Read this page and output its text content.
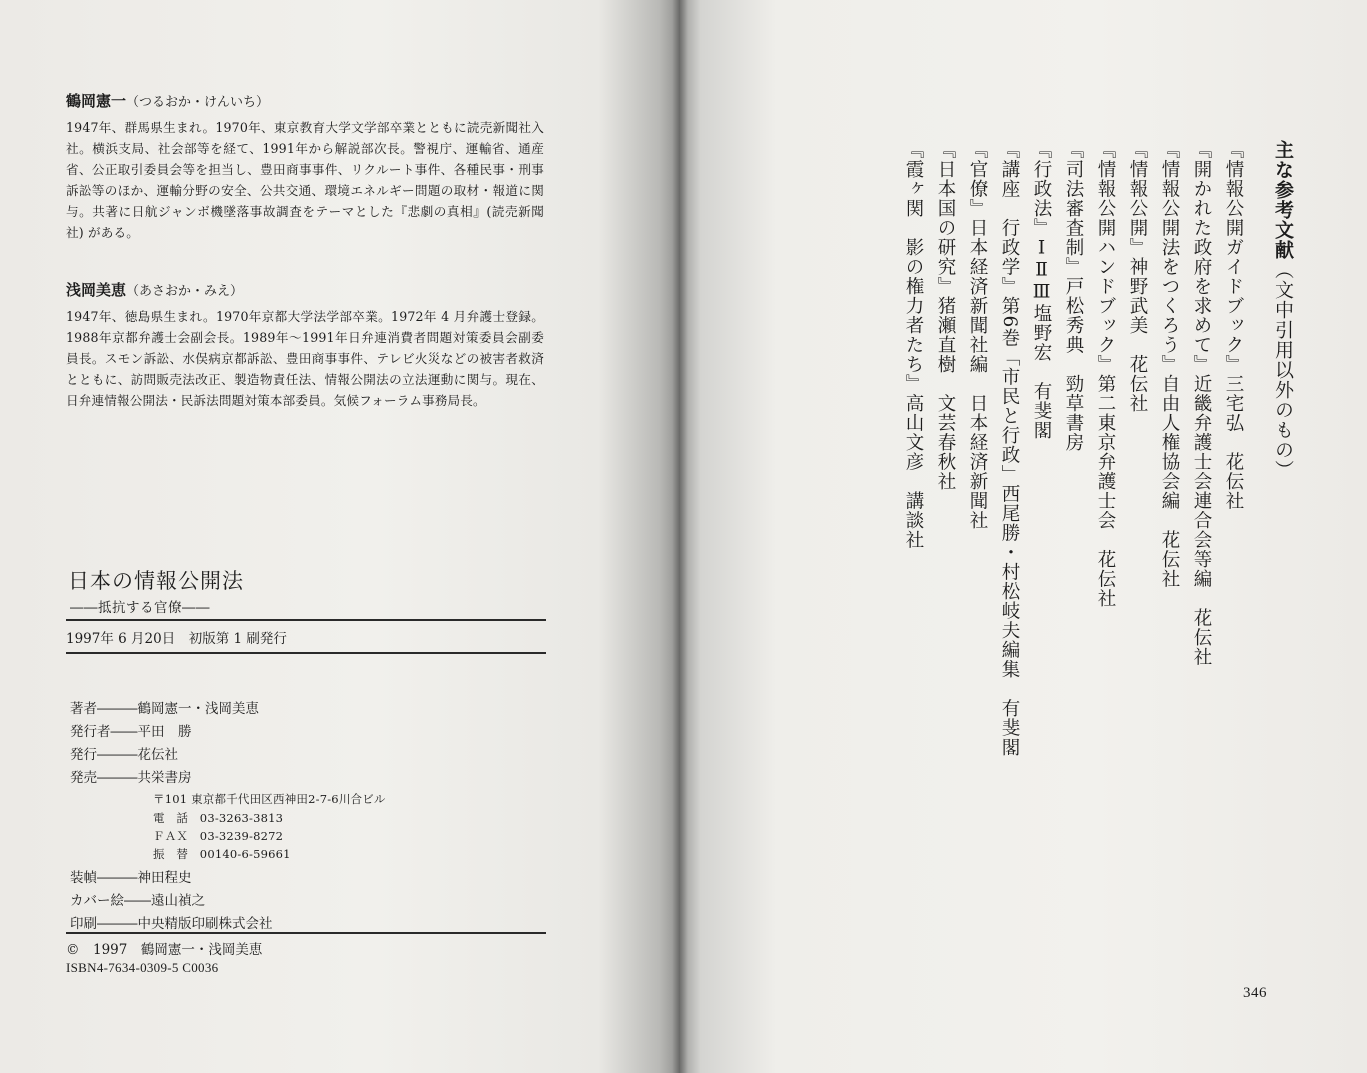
鶴岡憲一（つるおか・けんいち）
1947年、群馬県生まれ。1970年、東京教育大学文学部卒業とともに読売新聞社入社。横浜支局、社会部等を経て、1991年から解説部次長。警視庁、運輸省、通産省、公正取引委員会等を担当し、豊田商事事件、リクルート事件、各種民事・刑事訴訟等のほか、運輸分野の安全、公共交通、環境エネルギー問題の取材・報道に関与。共著に日航ジャンボ機墜落事故調査をテーマとした『悲劇の真相』(読売新聞社) がある。
浅岡美恵（あさおか・みえ）
1947年、徳島県生まれ。1970年京都大学法学部卒業。1972年 4 月弁護士登録。1988年京都弁護士会副会長。1989年～1991年日弁連消費者問題対策委員会副委員長。スモン訴訟、水俣病京都訴訟、豊田商事事件、テレビ火災などの被害者救済とともに、訪問販売法改正、製造物責任法、情報公開法の立法運動に関与。現在、日弁連情報公開法・民訴法問題対策本部委員。気候フォーラム事務局長。
日本の情報公開法
――抵抗する官僚――
1997年 6 月20日　初版第 1 刷発行
著者―――鶴岡憲一・浅岡美恵
発行者――平田　勝
発行―――花伝社
発売―――共栄書房
〒101 東京都千代田区西神田2-7-6川合ビル
電　話　03-3263-3813
ＦＡＸ　03-3239-8272
振　替　00140-6-59661
装幀―――神田程史
カバー絵――遠山禎之
印刷―――中央精版印刷株式会社
©　1997　鶴岡憲一・浅岡美恵
ISBN4-7634-0309-5 C0036
346
主な参考文献（文中引用以外のもの）
『情報公開ガイドブック』三宅弘　花伝社
『開かれた政府を求めて』近畿弁護士会連合会等編　花伝社
『情報公開法をつくろう』自由人権協会編　花伝社
『情報公開』神野武美　花伝社
『情報公開ハンドブック』第二東京弁護士会　花伝社
『司法審査制』戸松秀典　勁草書房
『行政法』ⅠⅡⅢ塩野宏　有斐閣
『講座　行政学』第6巻「市民と行政」西尾勝・村松岐夫編集　有斐閣
『官僚』日本経済新聞社編　日本経済新聞社
『日本国の研究』猪瀬直樹　文芸春秋社
『霞ヶ関　影の権力者たち』高山文彦　講談社
